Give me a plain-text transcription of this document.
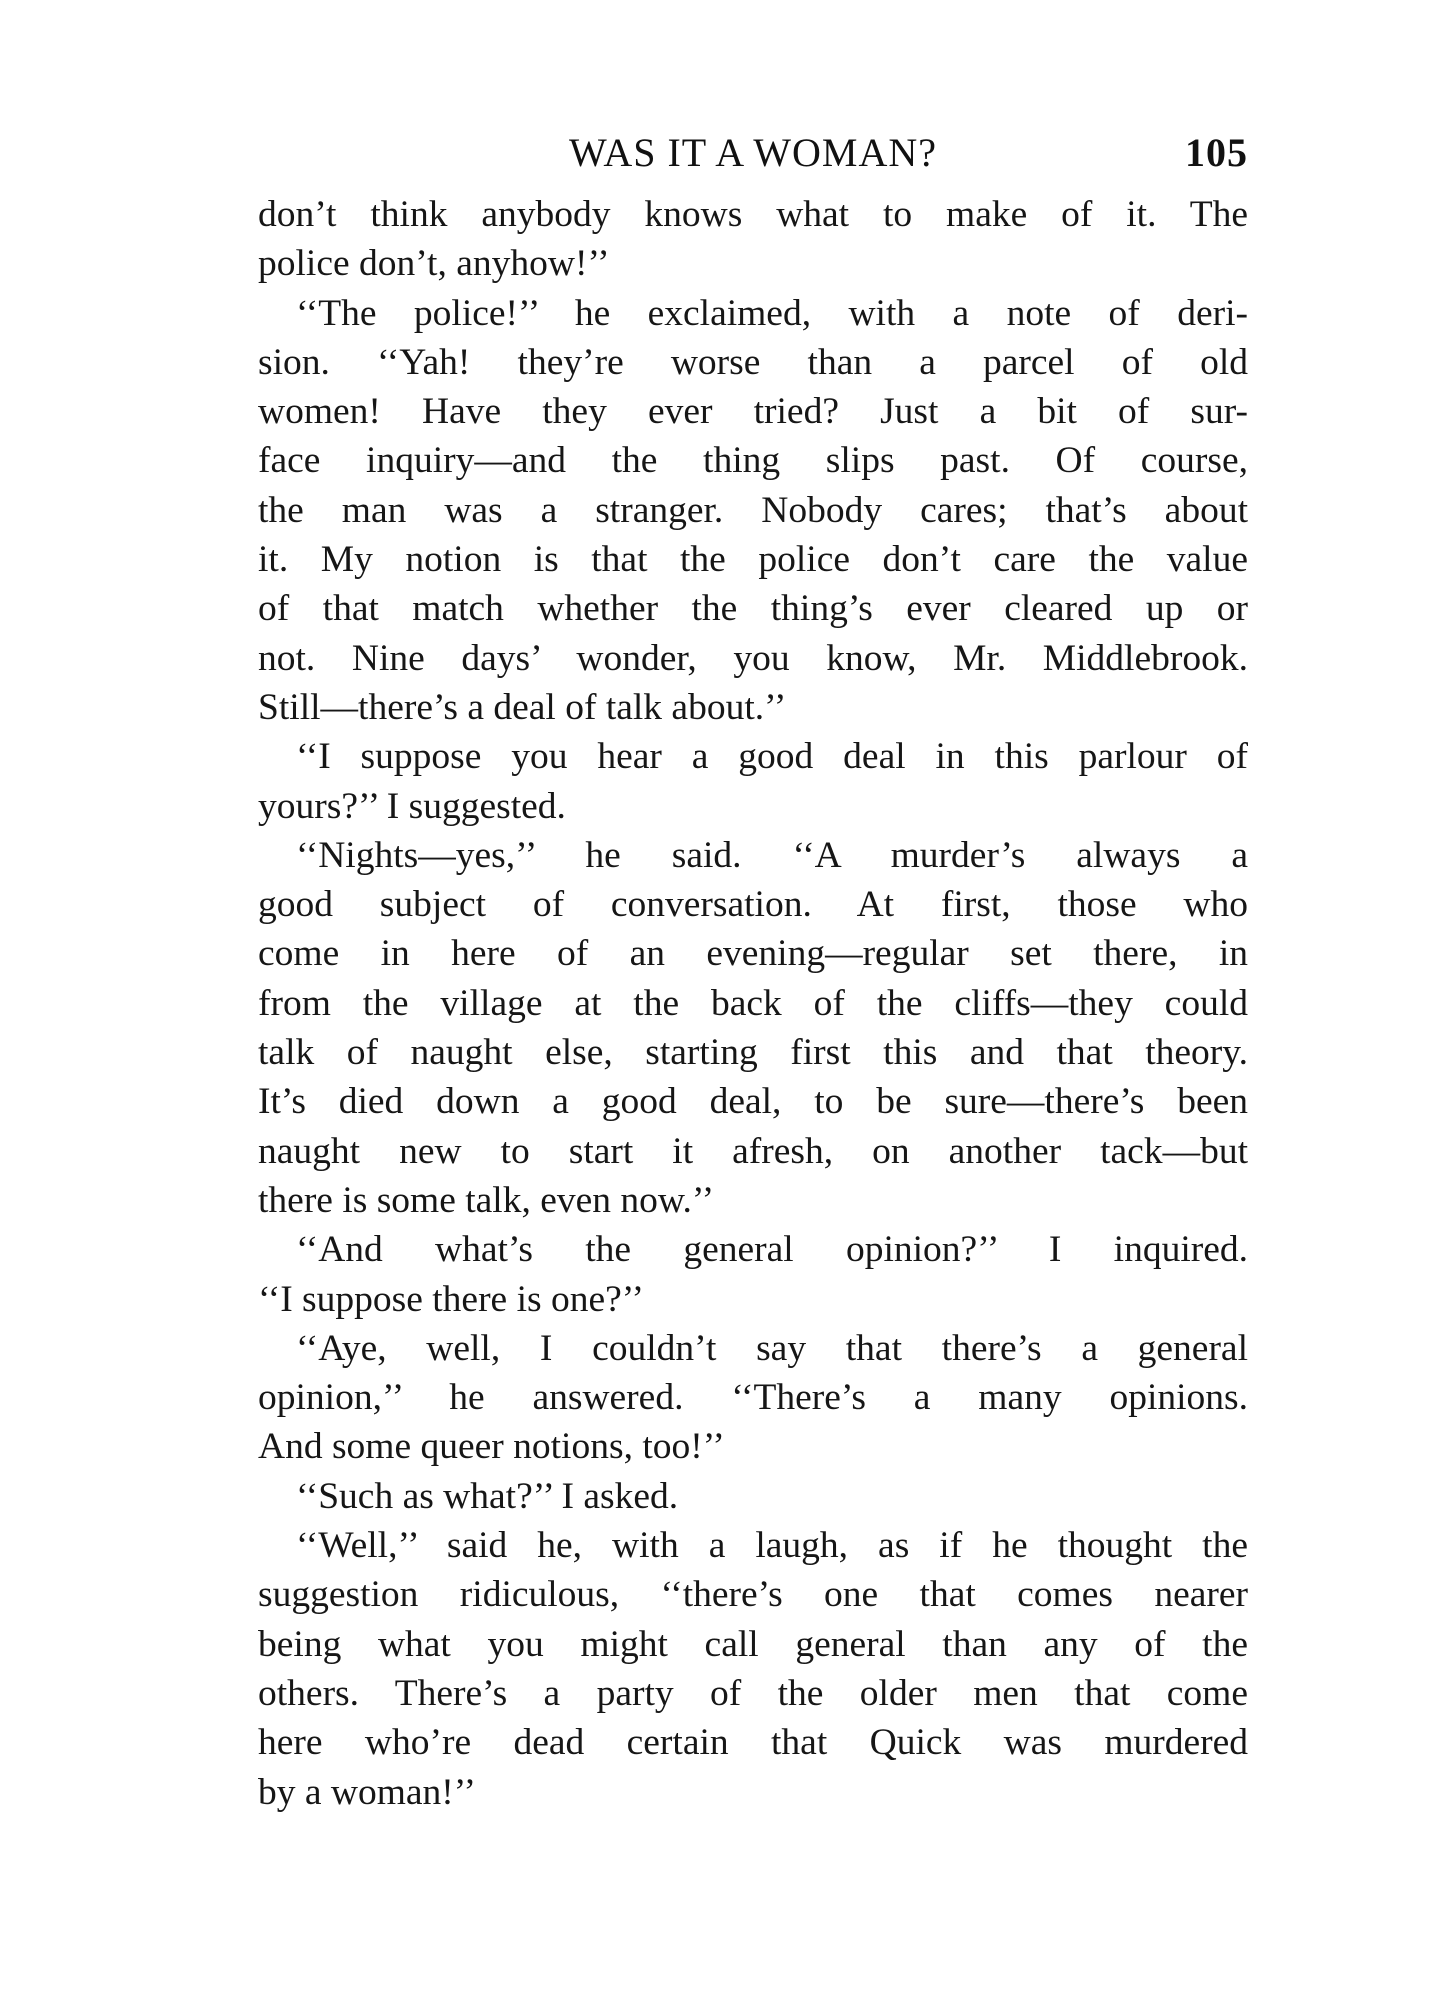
WAS IT A WOMAN?	105
don’t think anybody knows what to make of it. The
police don’t, anyhow!’’
‘‘The police!’’ he exclaimed, with a note of deri-
sion. ‘‘Yah! they’re worse than a parcel of old
women! Have they ever tried? Just a bit of sur-
face inquiry—and the thing slips past. Of course,
the man was a stranger. Nobody cares; that’s about
it. My notion is that the police don’t care the value
of that match whether the thing’s ever cleared up or
not. Nine days’ wonder, you know, Mr. Middlebrook.
Still—there’s a deal of talk about.’’
‘‘I suppose you hear a good deal in this parlour of
yours?’’ I suggested.
‘‘Nights—yes,’’ he said. ‘‘A murder’s always a
good subject of conversation. At first, those who
come in here of an evening—regular set there, in
from the village at the back of the cliffs—they could
talk of naught else, starting first this and that theory.
It’s died down a good deal, to be sure—there’s been
naught new to start it afresh, on another tack—but
there is some talk, even now.’’
‘‘And what’s the general opinion?’’ I inquired.
‘‘I suppose there is one?’’
‘‘Aye, well, I couldn’t say that there’s a general
opinion,’’ he answered. ‘‘There’s a many opinions.
And some queer notions, too!’’
‘‘Such as what?’’ I asked.
‘‘Well,’’ said he, with a laugh, as if he thought the
suggestion ridiculous, ‘‘there’s one that comes nearer
being what you might call general than any of the
others. There’s a party of the older men that come
here who’re dead certain that Quick was murdered
by a woman!’’
